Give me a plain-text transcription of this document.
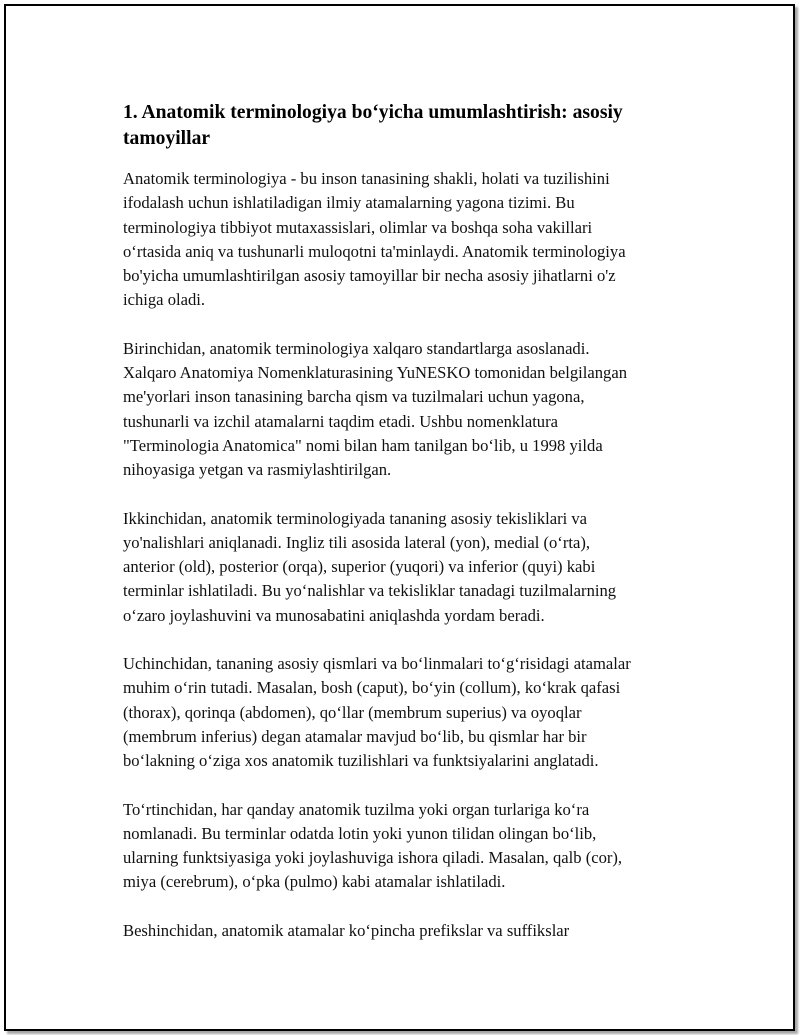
1. Anatomik terminologiya bo‘yicha umumlashtirish: asosiy
tamoyillar

Anatomik terminologiya - bu inson tanasining shakli, holati va tuzilishini
ifodalash uchun ishlatiladigan ilmiy atamalarning yagona tizimi. Bu
terminologiya tibbiyot mutaxassislari, olimlar va boshqa soha vakillari
o‘rtasida aniq va tushunarli muloqotni ta'minlaydi. Anatomik terminologiya
bo'yicha umumlashtirilgan asosiy tamoyillar bir necha asosiy jihatlarni o'z
ichiga oladi.

Birinchidan, anatomik terminologiya xalqaro standartlarga asoslanadi.
Xalqaro Anatomiya Nomenklaturasining YuNESKO tomonidan belgilangan
me'yorlari inson tanasining barcha qism va tuzilmalari uchun yagona,
tushunarli va izchil atamalarni taqdim etadi. Ushbu nomenklatura
"Terminologia Anatomica" nomi bilan ham tanilgan bo‘lib, u 1998 yilda
nihoyasiga yetgan va rasmiylashtirilgan.

Ikkinchidan, anatomik terminologiyada tananing asosiy tekisliklari va
yo'nalishlari aniqlanadi. Ingliz tili asosida lateral (yon), medial (o‘rta),
anterior (old), posterior (orqa), superior (yuqori) va inferior (quyi) kabi
terminlar ishlatiladi. Bu yo‘nalishlar va tekisliklar tanadagi tuzilmalarning
o‘zaro joylashuvini va munosabatini aniqlashda yordam beradi.

Uchinchidan, tananing asosiy qismlari va bo‘linmalari to‘g‘risidagi atamalar
muhim o‘rin tutadi. Masalan, bosh (caput), bo‘yin (collum), ko‘krak qafasi
(thorax), qorinqa (abdomen), qo‘llar (membrum superius) va oyoqlar
(membrum inferius) degan atamalar mavjud bo‘lib, bu qismlar har bir
bo‘lakning o‘ziga xos anatomik tuzilishlari va funktsiyalarini anglatadi.

To‘rtinchidan, har qanday anatomik tuzilma yoki organ turlariga ko‘ra
nomlanadi. Bu terminlar odatda lotin yoki yunon tilidan olingan bo‘lib,
ularning funktsiyasiga yoki joylashuviga ishora qiladi. Masalan, qalb (cor),
miya (cerebrum), o‘pka (pulmo) kabi atamalar ishlatiladi.

Beshinchidan, anatomik atamalar ko‘pincha prefikslar va suffikslar
